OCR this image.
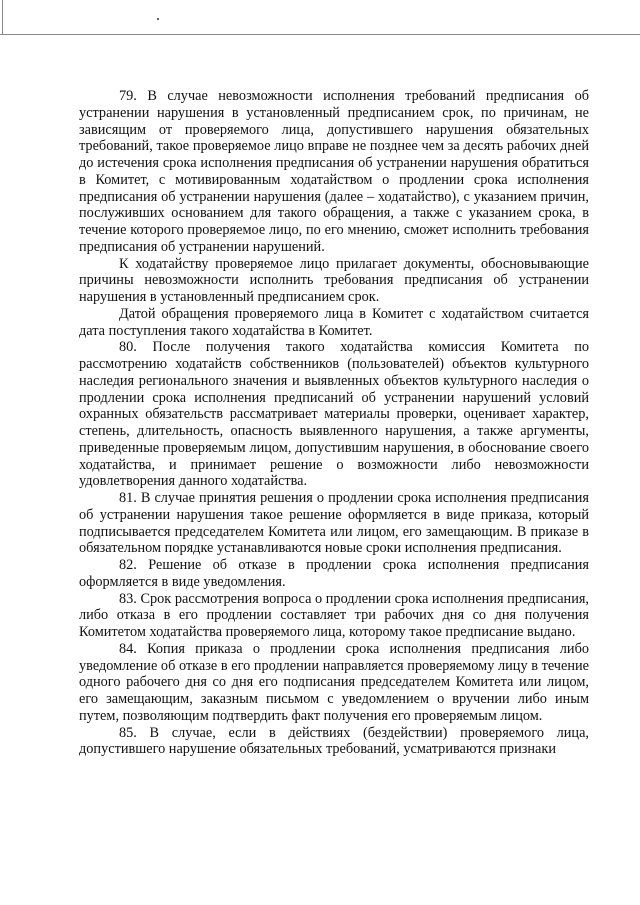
79. В случае невозможности исполнения требований предписания об устранении нарушения в установленный предписанием срок, по причинам, не зависящим от проверяемого лица, допустившего нарушения обязательных требований, такое проверяемое лицо вправе не позднее чем за десять рабочих дней до истечения срока исполнения предписания об устранении нарушения обратиться в Комитет, с мотивированным ходатайством о продлении срока исполнения предписания об устранении нарушения (далее – ходатайство), с указанием причин, послуживших основанием для такого обращения, а также с указанием срока, в течение которого проверяемое лицо, по его мнению, сможет исполнить требования предписания об устранении нарушений.

К ходатайству проверяемое лицо прилагает документы, обосновывающие причины невозможности исполнить требования предписания об устранении нарушения в установленный предписанием срок.

Датой обращения проверяемого лица в Комитет с ходатайством считается дата поступления такого ходатайства в Комитет.

80. После получения такого ходатайства комиссия Комитета по рассмотрению ходатайств собственников (пользователей) объектов культурного наследия регионального значения и выявленных объектов культурного наследия о продлении срока исполнения предписаний об устранении нарушений условий охранных обязательств рассматривает материалы проверки, оценивает характер, степень, длительность, опасность выявленного нарушения, а также аргументы, приведенные проверяемым лицом, допустившим нарушения, в обоснование своего ходатайства, и принимает решение о возможности либо невозможности удовлетворения данного ходатайства.

81. В случае принятия решения о продлении срока исполнения предписания об устранении нарушения такое решение оформляется в виде приказа, который подписывается председателем Комитета или лицом, его замещающим. В приказе в обязательном порядке устанавливаются новые сроки исполнения предписания.

82. Решение об отказе в продлении срока исполнения предписания оформляется в виде уведомления.

83. Срок рассмотрения вопроса о продлении срока исполнения предписания, либо отказа в его продлении составляет три рабочих дня со дня получения Комитетом ходатайства проверяемого лица, которому такое предписание выдано.

84. Копия приказа о продлении срока исполнения предписания либо уведомление об отказе в его продлении направляется проверяемому лицу в течение одного рабочего дня со дня его подписания председателем Комитета или лицом, его замещающим, заказным письмом с уведомлением о вручении либо иным путем, позволяющим подтвердить факт получения его проверяемым лицом.

85. В случае, если в действиях (бездействии) проверяемого лица, допустившего нарушение обязательных требований, усматриваются признаки
